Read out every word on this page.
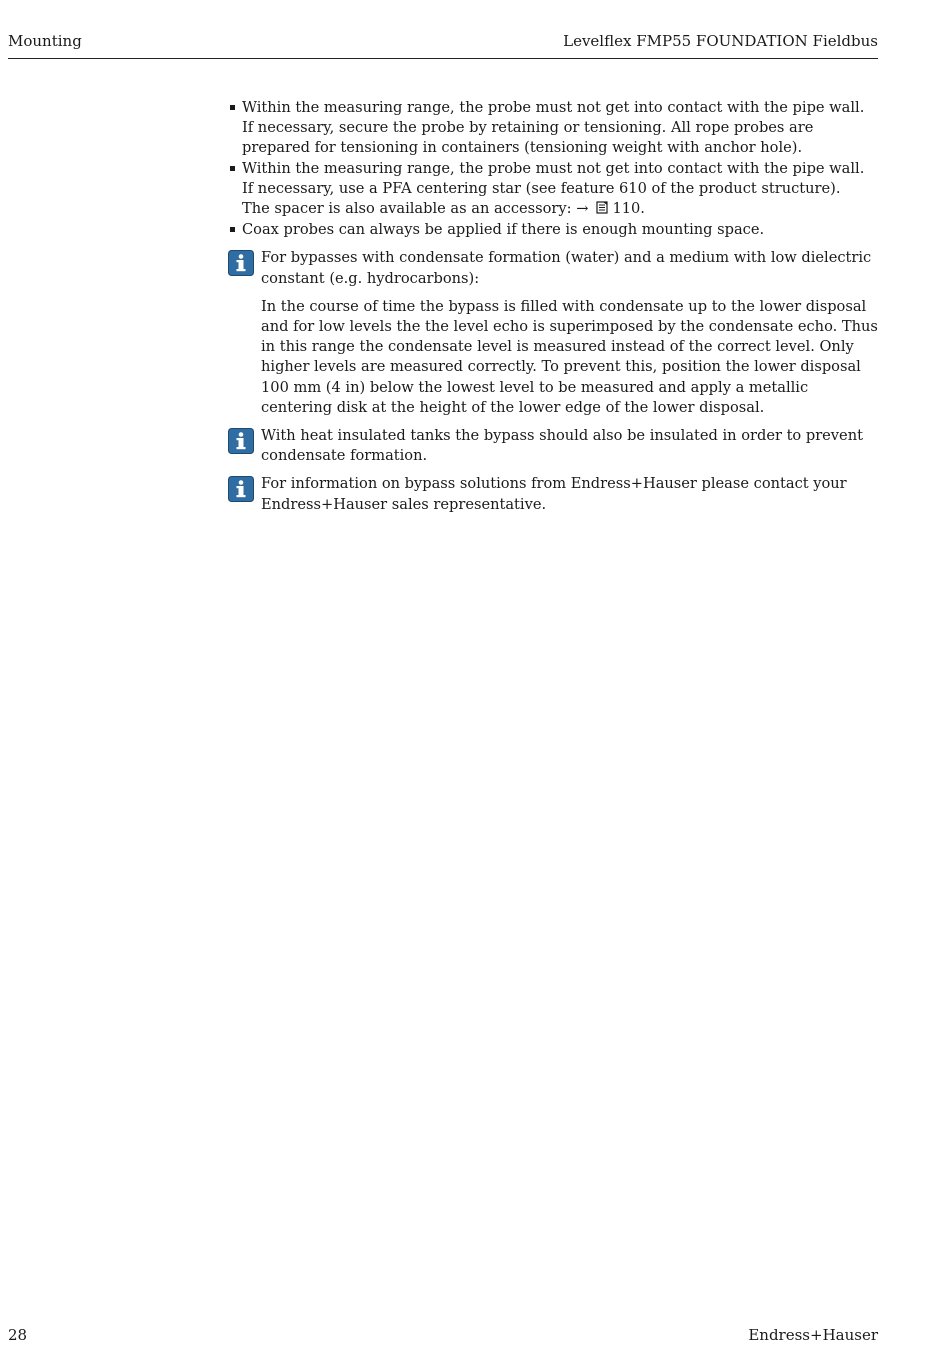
Mounting	Levelflex FMP55 FOUNDATION Fieldbus
Within the measuring range, the probe must not get into contact with the pipe wall. If necessary, secure the probe by retaining or tensioning. All rope probes are prepared for tensioning in containers (tensioning weight with anchor hole).
Within the measuring range, the probe must not get into contact with the pipe wall. If necessary, use a PFA centering star (see feature 610 of the product structure).
The spacer is also available as an accessory: → 110.
Coax probes can always be applied if there is enough mounting space.

For bypasses with condensate formation (water) and a medium with low dielectric constant (e.g. hydrocarbons):

In the course of time the bypass is filled with condensate up to the lower disposal and for low levels the the level echo is superimposed by the condensate echo. Thus in this range the condensate level is measured instead of the correct level. Only higher levels are measured correctly. To prevent this, position the lower disposal 100 mm (4 in) below the lowest level to be measured and apply a metallic centering disk at the height of the lower edge of the lower disposal.

With heat insulated tanks the bypass should also be insulated in order to prevent condensate formation.

For information on bypass solutions from Endress+Hauser please contact your Endress+Hauser sales representative.

28	Endress+Hauser
